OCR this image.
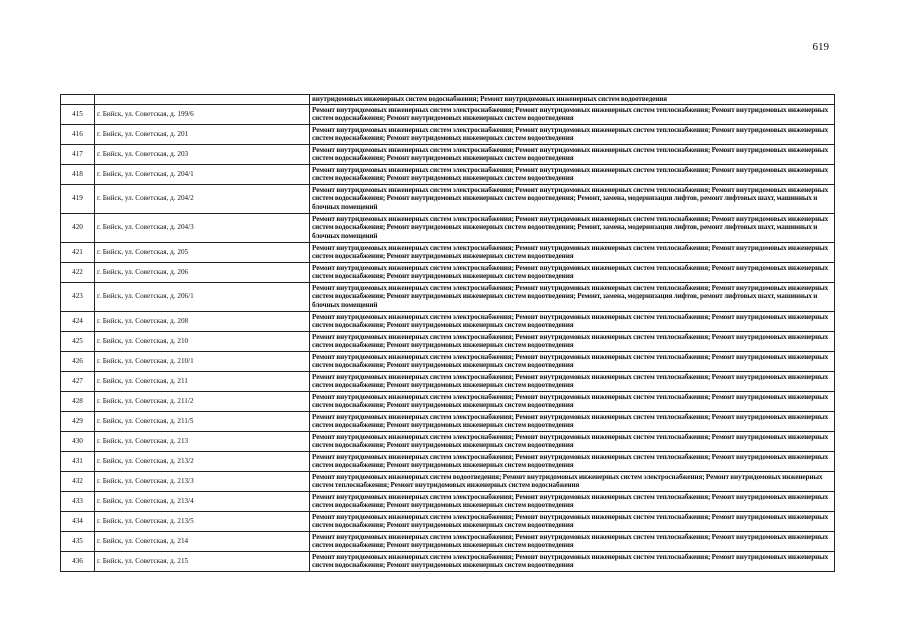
619
		внутридомовых инженерных систем водоснабжения; Ремонт внутридомовых инженерных систем водоотведения
415	г. Бийск, ул. Советская, д. 199/6	Ремонт внутридомовых инженерных систем электроснабжения; Ремонт внутридомовых инженерных систем теплоснабжения; Ремонт внутридомовых инженерных систем водоснабжения; Ремонт внутридомовых инженерных систем водоотведения
416	г. Бийск, ул. Советская, д. 201	Ремонт внутридомовых инженерных систем электроснабжения; Ремонт внутридомовых инженерных систем теплоснабжения; Ремонт внутридомовых инженерных систем водоснабжения; Ремонт внутридомовых инженерных систем водоотведения
417	г. Бийск, ул. Советская, д. 203	Ремонт внутридомовых инженерных систем электроснабжения; Ремонт внутридомовых инженерных систем теплоснабжения; Ремонт внутридомовых инженерных систем водоснабжения; Ремонт внутридомовых инженерных систем водоотведения
418	г. Бийск, ул. Советская, д. 204/1	Ремонт внутридомовых инженерных систем электроснабжения; Ремонт внутридомовых инженерных систем теплоснабжения; Ремонт внутридомовых инженерных систем водоснабжения; Ремонт внутридомовых инженерных систем водоотведения
419	г. Бийск, ул. Советская, д. 204/2	Ремонт внутридомовых инженерных систем электроснабжения; Ремонт внутридомовых инженерных систем теплоснабжения; Ремонт внутридомовых инженерных систем водоснабжения; Ремонт внутридомовых инженерных систем водоотведения; Ремонт, замена, модернизация лифтов, ремонт лифтовых шахт, машинных и блочных помещений
420	г. Бийск, ул. Советская, д. 204/3	Ремонт внутридомовых инженерных систем электроснабжения; Ремонт внутридомовых инженерных систем теплоснабжения; Ремонт внутридомовых инженерных систем водоснабжения; Ремонт внутридомовых инженерных систем водоотведения; Ремонт, замена, модернизация лифтов, ремонт лифтовых шахт, машинных и блочных помещений
421	г. Бийск, ул. Советская, д. 205	Ремонт внутридомовых инженерных систем электроснабжения; Ремонт внутридомовых инженерных систем теплоснабжения; Ремонт внутридомовых инженерных систем водоснабжения; Ремонт внутридомовых инженерных систем водоотведения
422	г. Бийск, ул. Советская, д. 206	Ремонт внутридомовых инженерных систем электроснабжения; Ремонт внутридомовых инженерных систем теплоснабжения; Ремонт внутридомовых инженерных систем водоснабжения; Ремонт внутридомовых инженерных систем водоотведения
423	г. Бийск, ул. Советская, д. 206/1	Ремонт внутридомовых инженерных систем электроснабжения; Ремонт внутридомовых инженерных систем теплоснабжения; Ремонт внутридомовых инженерных систем водоснабжения; Ремонт внутридомовых инженерных систем водоотведения; Ремонт, замена, модернизация лифтов, ремонт лифтовых шахт, машинных и блочных помещений
424	г. Бийск, ул. Советская, д. 208	Ремонт внутридомовых инженерных систем электроснабжения; Ремонт внутридомовых инженерных систем теплоснабжения; Ремонт внутридомовых инженерных систем водоснабжения; Ремонт внутридомовых инженерных систем водоотведения
425	г. Бийск, ул. Советская, д. 210	Ремонт внутридомовых инженерных систем электроснабжения; Ремонт внутридомовых инженерных систем теплоснабжения; Ремонт внутридомовых инженерных систем водоснабжения; Ремонт внутридомовых инженерных систем водоотведения
426	г. Бийск, ул. Советская, д. 210/1	Ремонт внутридомовых инженерных систем электроснабжения; Ремонт внутридомовых инженерных систем теплоснабжения; Ремонт внутридомовых инженерных систем водоснабжения; Ремонт внутридомовых инженерных систем водоотведения
427	г. Бийск, ул. Советская, д. 211	Ремонт внутридомовых инженерных систем электроснабжения; Ремонт внутридомовых инженерных систем теплоснабжения; Ремонт внутридомовых инженерных систем водоснабжения; Ремонт внутридомовых инженерных систем водоотведения
428	г. Бийск, ул. Советская, д. 211/2	Ремонт внутридомовых инженерных систем электроснабжения; Ремонт внутридомовых инженерных систем теплоснабжения; Ремонт внутридомовых инженерных систем водоснабжения; Ремонт внутридомовых инженерных систем водоотведения
429	г. Бийск, ул. Советская, д. 211/5	Ремонт внутридомовых инженерных систем электроснабжения; Ремонт внутридомовых инженерных систем теплоснабжения; Ремонт внутридомовых инженерных систем водоснабжения; Ремонт внутридомовых инженерных систем водоотведения
430	г. Бийск, ул. Советская, д. 213	Ремонт внутридомовых инженерных систем электроснабжения; Ремонт внутридомовых инженерных систем теплоснабжения; Ремонт внутридомовых инженерных систем водоснабжения; Ремонт внутридомовых инженерных систем водоотведения
431	г. Бийск, ул. Советская, д. 213/2	Ремонт внутридомовых инженерных систем электроснабжения; Ремонт внутридомовых инженерных систем теплоснабжения; Ремонт внутридомовых инженерных систем водоснабжения; Ремонт внутридомовых инженерных систем водоотведения
432	г. Бийск, ул. Советская, д. 213/3	Ремонт внутридомовых инженерных систем водоотведения; Ремонт внутридомовых инженерных систем электроснабжения; Ремонт внутридомовых инженерных систем теплоснабжения; Ремонт внутридомовых инженерных систем водоснабжения
433	г. Бийск, ул. Советская, д. 213/4	Ремонт внутридомовых инженерных систем электроснабжения; Ремонт внутридомовых инженерных систем теплоснабжения; Ремонт внутридомовых инженерных систем водоснабжения; Ремонт внутридомовых инженерных систем водоотведения
434	г. Бийск, ул. Советская, д. 213/5	Ремонт внутридомовых инженерных систем электроснабжения; Ремонт внутридомовых инженерных систем теплоснабжения; Ремонт внутридомовых инженерных систем водоснабжения; Ремонт внутридомовых инженерных систем водоотведения
435	г. Бийск, ул. Советская, д. 214	Ремонт внутридомовых инженерных систем электроснабжения; Ремонт внутридомовых инженерных систем теплоснабжения; Ремонт внутридомовых инженерных систем водоснабжения; Ремонт внутридомовых инженерных систем водоотведения
436	г. Бийск, ул. Советская, д. 215	Ремонт внутридомовых инженерных систем электроснабжения; Ремонт внутридомовых инженерных систем теплоснабжения; Ремонт внутридомовых инженерных систем водоснабжения; Ремонт внутридомовых инженерных систем водоотведения
